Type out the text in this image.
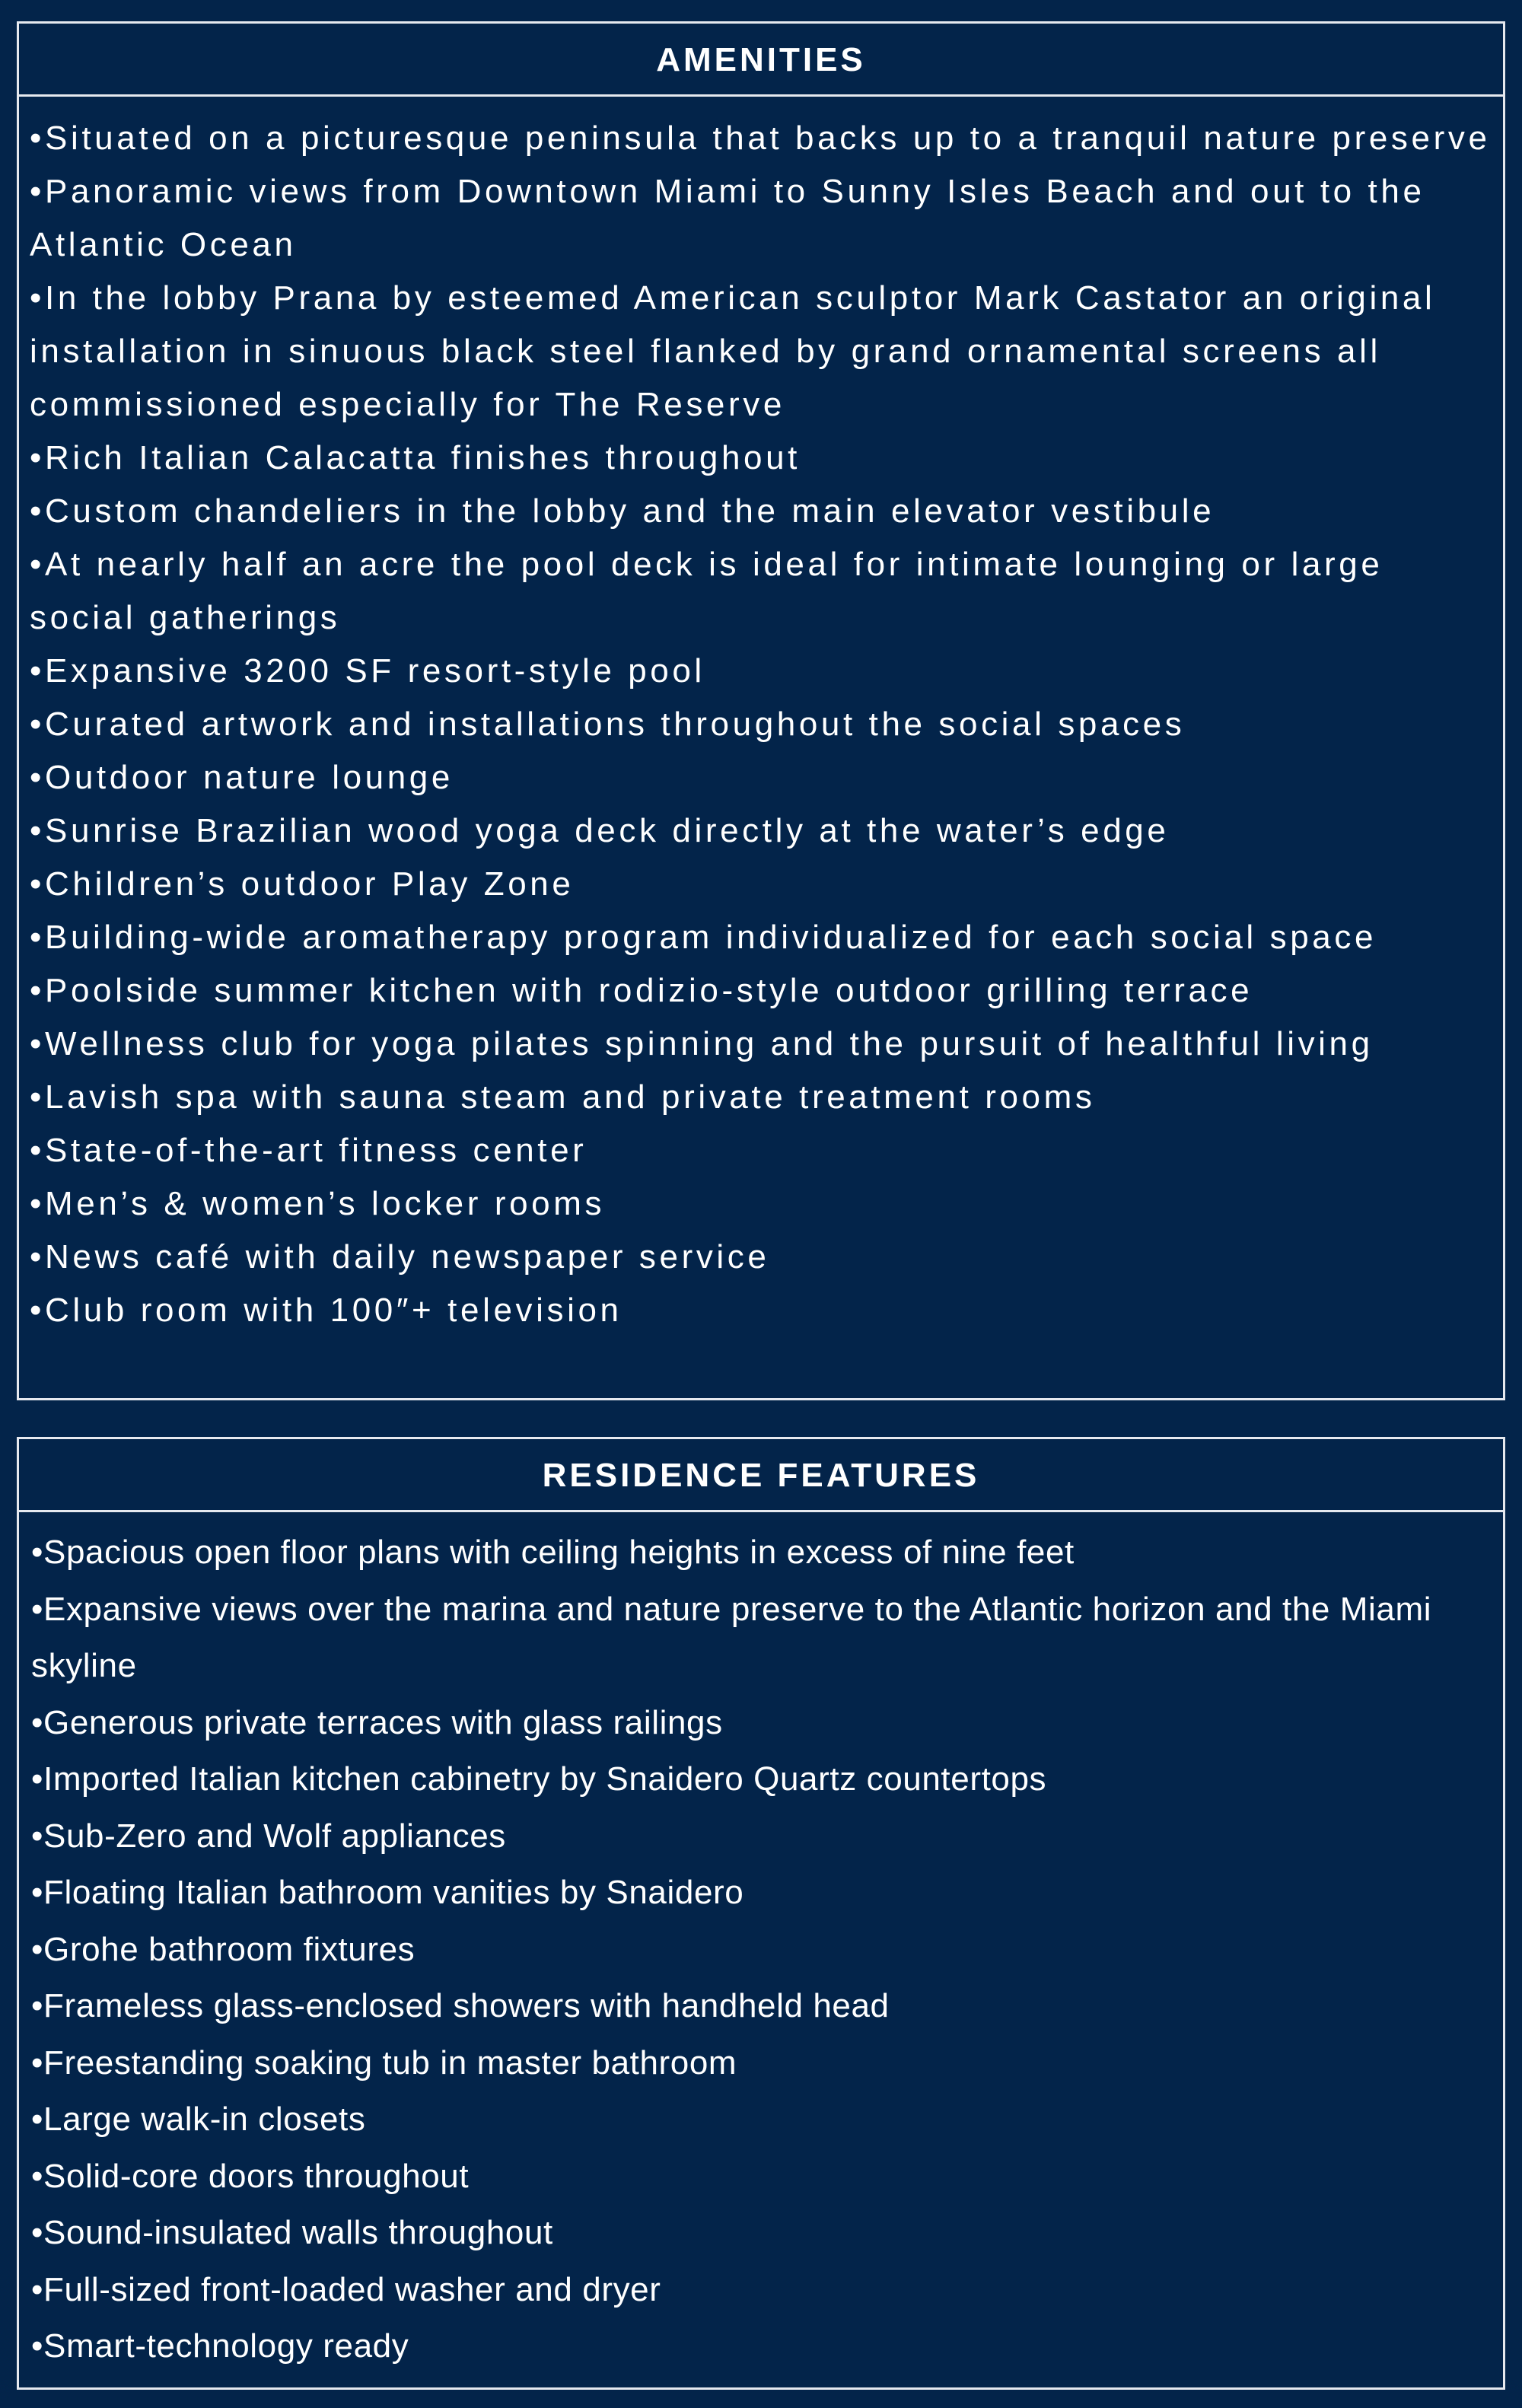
AMENITIES
•Situated on a picturesque peninsula that backs up to a tranquil nature preserve
•Panoramic views from Downtown Miami to Sunny Isles Beach and out to the Atlantic Ocean
•In the lobby Prana by esteemed American sculptor Mark Castator an original installation in sinuous black steel flanked by grand ornamental screens all commissioned especially for The Reserve
•Rich Italian Calacatta finishes throughout
•Custom chandeliers in the lobby and the main elevator vestibule
•At nearly half an acre the pool deck is ideal for intimate lounging or large social gatherings
•Expansive 3200 SF resort-style pool
•Curated artwork and installations throughout the social spaces
•Outdoor nature lounge
•Sunrise Brazilian wood yoga deck directly at the water’s edge
•Children’s outdoor Play Zone
•Building-wide aromatherapy program individualized for each social space
•Poolside summer kitchen with rodizio-style outdoor grilling terrace
•Wellness club for yoga pilates spinning and the pursuit of healthful living
•Lavish spa with sauna steam and private treatment rooms
•State-of-the-art fitness center
•Men’s & women’s locker rooms
•News café with daily newspaper service
•Club room with 100″+ television
RESIDENCE FEATURES
•Spacious open floor plans with ceiling heights in excess of nine feet
•Expansive views over the marina and nature preserve to the Atlantic horizon and the Miami skyline
•Generous private terraces with glass railings
•Imported Italian kitchen cabinetry by Snaidero Quartz countertops
•Sub-Zero and Wolf appliances
•Floating Italian bathroom vanities by Snaidero
•Grohe bathroom fixtures
•Frameless glass-enclosed showers with handheld head
•Freestanding soaking tub in master bathroom
•Large walk-in closets
•Solid-core doors throughout
•Sound-insulated walls throughout
•Full-sized front-loaded washer and dryer
•Smart-technology ready
